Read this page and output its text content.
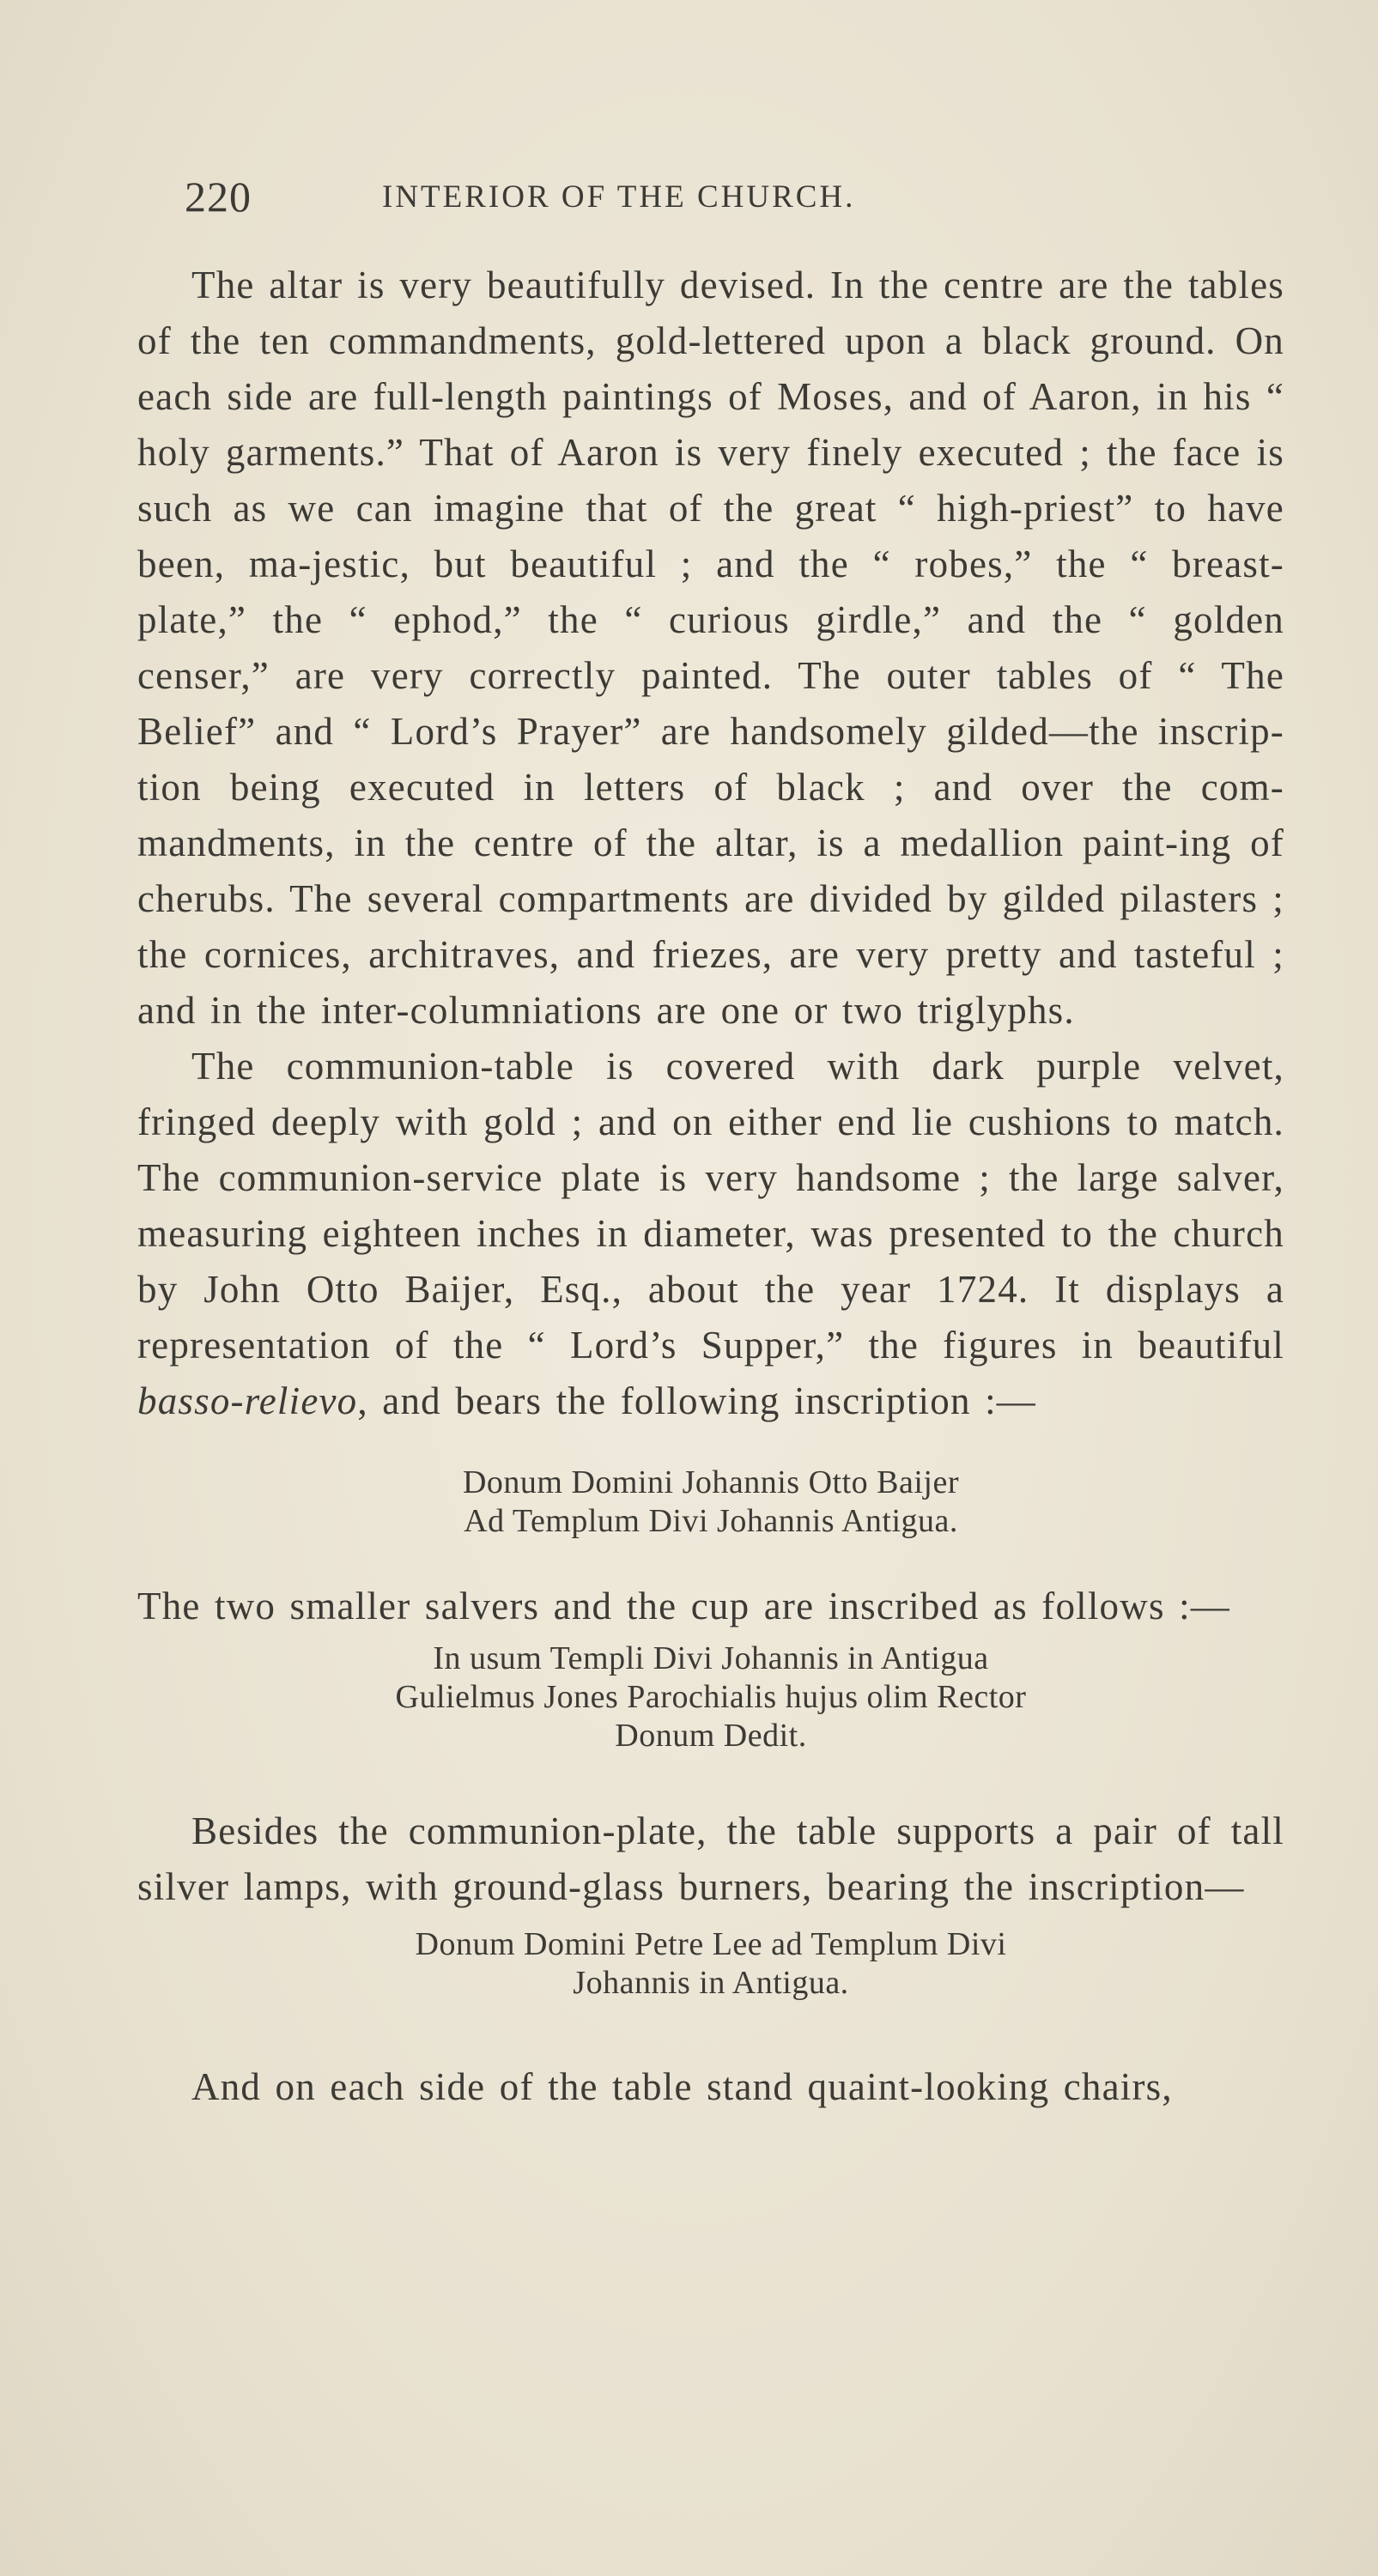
220	INTERIOR OF THE CHURCH.

The altar is very beautifully devised. In the centre are the tables of the ten commandments, gold-lettered upon a black ground. On each side are full-length paintings of Moses, and of Aaron, in his “ holy garments.” That of Aaron is very finely executed ; the face is such as we can imagine that of the great “ high-priest” to have been, ma-jestic, but beautiful ; and the “ robes,” the “ breast-plate,” the “ ephod,” the “ curious girdle,” and the “ golden censer,” are very correctly painted. The outer tables of “ The Belief” and “ Lord’s Prayer” are handsomely gilded—the inscrip-tion being executed in letters of black ; and over the com-mandments, in the centre of the altar, is a medallion paint-ing of cherubs. The several compartments are divided by gilded pilasters ; the cornices, architraves, and friezes, are very pretty and tasteful ; and in the inter-columniations are one or two triglyphs.

The communion-table is covered with dark purple velvet, fringed deeply with gold ; and on either end lie cushions to match. The communion-service plate is very handsome ; the large salver, measuring eighteen inches in diameter, was presented to the church by John Otto Baijer, Esq., about the year 1724. It displays a representation of the “ Lord’s Supper,” the figures in beautiful basso-relievo, and bears the following inscription :—

Donum Domini Johannis Otto Baijer
Ad Templum Divi Johannis Antigua.

The two smaller salvers and the cup are inscribed as follows :—

In usum Templi Divi Johannis in Antigua
Gulielmus Jones Parochialis hujus olim Rector
Donum Dedit.

Besides the communion-plate, the table supports a pair of tall silver lamps, with ground-glass burners, bearing the inscription—

Donum Domini Petre Lee ad Templum Divi
Johannis in Antigua.

And on each side of the table stand quaint-looking chairs,
